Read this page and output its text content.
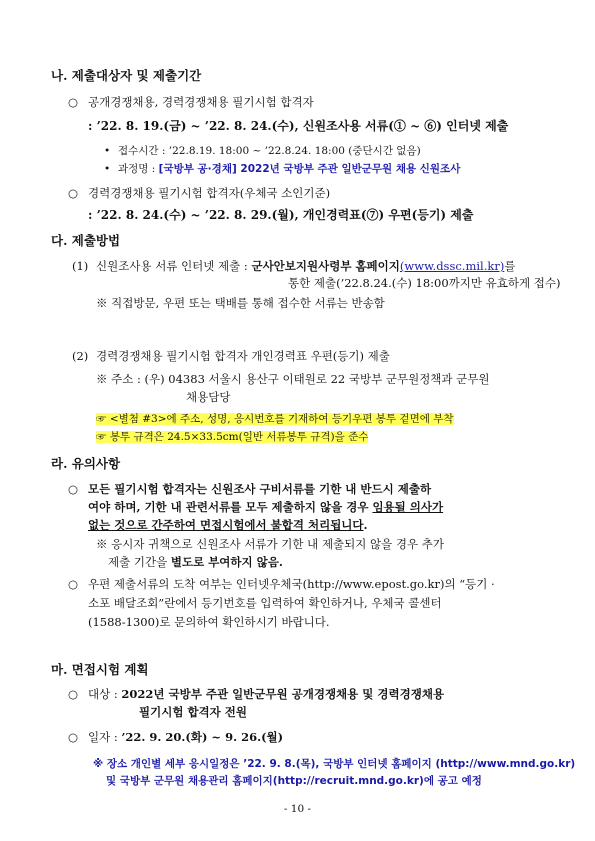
나. 제출대상자 및 제출기간
○ 공개경쟁채용, 경력경쟁채용 필기시험 합격자
: ’22. 8. 19.(금) ~ ’22. 8. 24.(수), 신원조사용 서류(① ~ ⑥) 인터넷 제출
• 접수시간 : ’22.8.19. 18:00 ~ ’22.8.24. 18:00 (중단시간 없음)
• 과정명 : [국방부 공·경채] 2022년 국방부 주관 일반군무원 채용 신원조사
○ 경력경쟁채용 필기시험 합격자(우체국 소인기준)
: ’22. 8. 24.(수) ~ ’22. 8. 29.(월), 개인경력표(⑦) 우편(등기) 제출
다. 제출방법
(1) 신원조사용 서류 인터넷 제출 : 군사안보지원사령부 홈페이지(www.dssc.mil.kr)를
통한 제출(’22.8.24.(수) 18:00까지만 유효하게 접수)
※ 직접방문, 우편 또는 택배를 통해 접수한 서류는 반송함
(2) 경력경쟁채용 필기시험 합격자 개인경력표 우편(등기) 제출
※ 주소 : (우) 04383 서울시 용산구 이태원로 22 국방부 군무원정책과 군무원
채용담당
☞ <별첨 #3>에 주소, 성명, 응시번호를 기재하여 등기우편 봉투 겉면에 부착
☞ 봉투 규격은 24.5×33.5cm(일반 서류봉투 규격)을 준수
라. 유의사항
○ 모든 필기시험 합격자는 신원조사 구비서류를 기한 내 반드시 제출하
여야 하며, 기한 내 관련서류를 모두 제출하지 않을 경우 임용될 의사가
없는 것으로 간주하여 면접시험에서 불합격 처리됩니다.
※ 응시자 귀책으로 신원조사 서류가 기한 내 제출되지 않을 경우 추가
제출 기간을 별도로 부여하지 않음.
○ 우편 제출서류의 도착 여부는 인터넷우체국(http://www.epost.go.kr)의 “등기 ·
소포 배달조회”란에서 등기번호를 입력하여 확인하거나, 우체국 콜센터
(1588-1300)로 문의하여 확인하시기 바랍니다.
마. 면접시험 계획
○ 대상 : 2022년 국방부 주관 일반군무원 공개경쟁채용 및 경력경쟁채용
필기시험 합격자 전원
○ 일자 : ’22. 9. 20.(화) ~ 9. 26.(월)
※ 장소 개인별 세부 응시일정은 ’22. 9. 8.(목), 국방부 인터넷 홈페이지 (http://www.mnd.go.kr)
및 국방부 군무원 채용관리 홈페이지(http://recruit.mnd.go.kr)에 공고 예정
- 10 -
